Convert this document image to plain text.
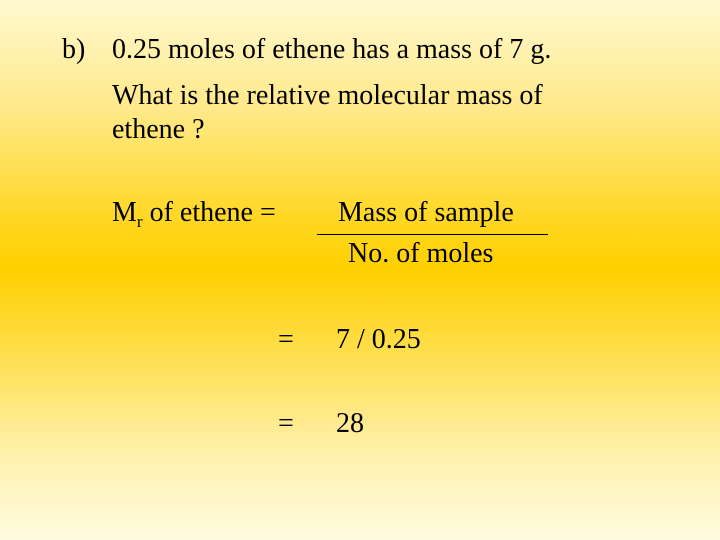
b) 0.25 moles of ethene has a mass of 7 g.
What is the relative molecular mass of
ethene ?
$M_r$ of ethene = Mass of sample
No. of moles
= 7 / 0.25
= 28
